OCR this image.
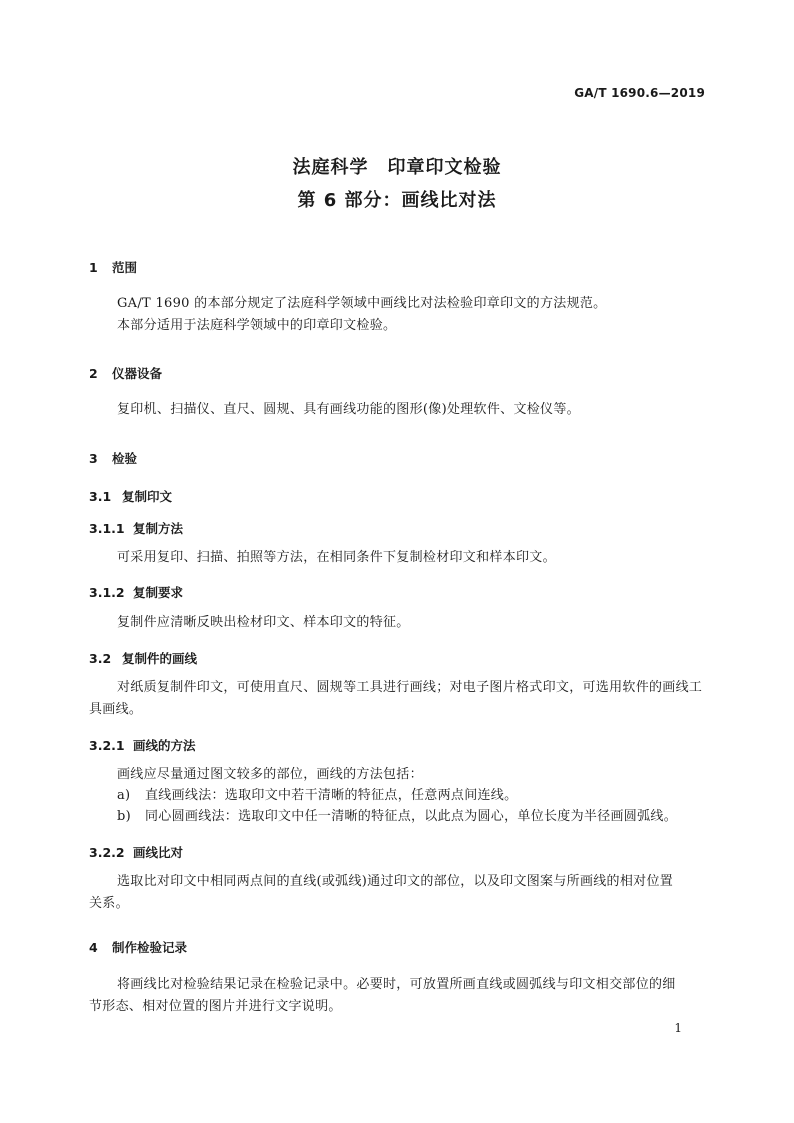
GA/T 1690.6—2019
法庭科学　印章印文检验
第 6 部分：画线比对法
1 范围
GA/T 1690 的本部分规定了法庭科学领域中画线比对法检验印章印文的方法规范。
本部分适用于法庭科学领域中的印章印文检验。
2 仪器设备
复印机、扫描仪、直尺、圆规、具有画线功能的图形(像)处理软件、文检仪等。
3 检验
3.1 复制印文
3.1.1 复制方法
可采用复印、扫描、拍照等方法，在相同条件下复制检材印文和样本印文。
3.1.2 复制要求
复制件应清晰反映出检材印文、样本印文的特征。
3.2 复制件的画线
对纸质复制件印文，可使用直尺、圆规等工具进行画线；对电子图片格式印文，可选用软件的画线工
具画线。
3.2.1 画线的方法
画线应尽量通过图文较多的部位，画线的方法包括：
a) 直线画线法：选取印文中若干清晰的特征点，任意两点间连线。
b) 同心圆画线法：选取印文中任一清晰的特征点，以此点为圆心，单位长度为半径画圆弧线。
3.2.2 画线比对
选取比对印文中相同两点间的直线(或弧线)通过印文的部位，以及印文图案与所画线的相对位置
关系。
4 制作检验记录
将画线比对检验结果记录在检验记录中。必要时，可放置所画直线或圆弧线与印文相交部位的细
节形态、相对位置的图片并进行文字说明。
1
